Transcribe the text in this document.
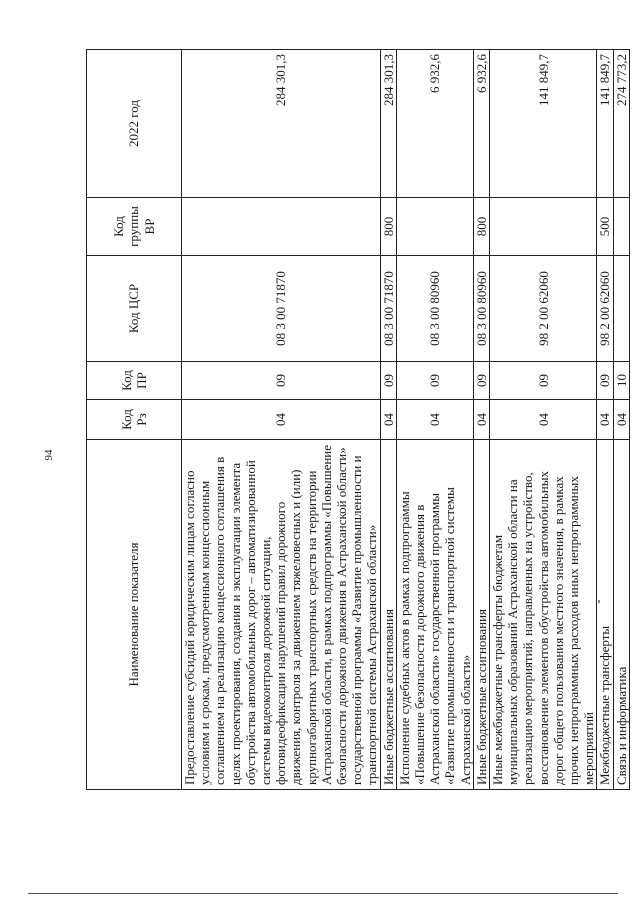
94
Наименование показателя	Код Рз	Код ПР	Код ЦСР	Код группы ВР	2022 год
Предоставление субсидий юридическим лицам согласно условиям и срокам, предусмотренным концессионным соглашением на реализацию концессионного соглашения в целях проектирования, создания и эксплуатации элемента обустройства автомобильных дорог – автоматизированной системы видеоконтроля дорожной ситуации, фотовидеофиксации нарушений правил дорожного движения, контроля за движением тяжеловесных и (или) крупногабаритных транспортных средств на территории Астраханской области, в рамках подпрограммы «Повышение безопасности дорожного движения в Астраханской области» государственной программы «Развитие промышленности и транспортной системы Астраханской области»	04	09	08 3 00 71870		284 301,3
Иные бюджетные ассигнования	04	09	08 3 00 71870	800	284 301,3
Исполнение судебных актов в рамках подпрограммы «Повышение безопасности дорожного движения в Астраханской области» государственной программы «Развитие промышленности и транспортной системы Астраханской области»	04	09	08 3 00 80960		6 932,6
Иные бюджетные ассигнования	04	09	08 3 00 80960	800	6 932,6
Иные межбюджетные трансферты бюджетам муниципальных образований Астраханской области на реализацию мероприятий, направленных на устройство, восстановление элементов обустройства автомобильных дорог общего пользования местного значения, в рамках прочих непрограммных расходов иных непрограммных мероприятий	04	09	98 2 00 62060		141 849,7
Межбюджетные трансферты	04	09	98 2 00 62060	500	141 849,7
Связь и информатика	04	10			274 773,2
